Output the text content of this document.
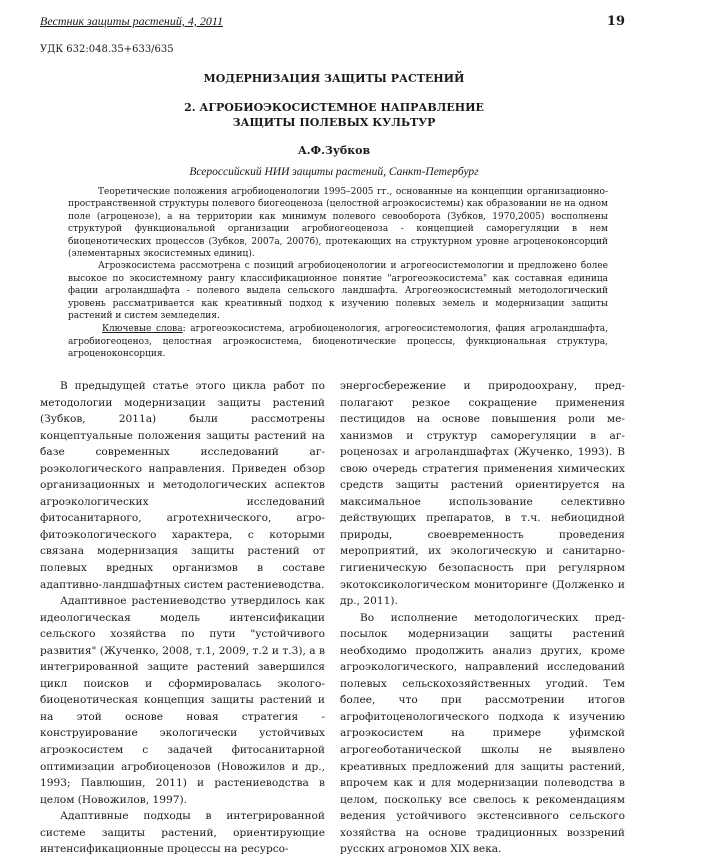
Вестник защиты растений, 4, 2011	19
УДК 632:048.35+633/635
МОДЕРНИЗАЦИЯ ЗАЩИТЫ РАСТЕНИЙ
2. АГРОБИОЭКОСИСТЕМНОЕ НАПРАВЛЕНИЕ
ЗАЩИТЫ ПОЛЕВЫХ КУЛЬТУР
А.Ф.Зубков
Всероссийский НИИ защиты растений, Санкт-Петербург

Теоретические положения агробиоценологии 1995–2005 гг., основанные на концепции организационно-пространственной структуры полевого биогеоценоза (целостной агроэкосистемы) как образовании не на одном поле (агроценозе), а на территории как минимум полевого севооборота (Зубков, 1970,2005) восполнены структурой функциональной организации агробиогеоценоза - концепцией саморегуляции в нем биоценотических процессов (Зубков, 2007а, 2007б), протекающих на структурном уровне агроценоконсорций (элементарных экосистемных единиц).

Агроэкосистема рассмотрена с позиций агробиоценологии и агрогеосистемологии и предложено более высокое по экосистемному рангу классификационное понятие "агрогеоэкосистема" как составная единица фации агроландшафта - полевого выдела сельского ландшафта. Агрогеоэкосистемный методологический уровень рассматривается как креативный подход к изучению полевых земель и модернизации защиты растений и систем земледелия.

Ключевые слова: агрогеоэкосистема, агробиоценология, агрогеосистемология, фация агроландшафта, агробиогеоценоз, целостная агроэкосистема, биоценотические процессы, функциональная структура, агроценоконсорция.

В предыдущей статье этого цикла работ по методологии модернизации защиты растений (Зубков, 2011а) были рассмотрены концептуальные положения защиты растений на базе современных исследований агроэкологического направления. Приведен обзор организационных и методологических аспектов агроэкологических исследований фитосанитарного, агротехнического, агрофитоэкологического характера, с которыми связана модернизация защиты растений от полевых вредных организмов в составе адаптивно-ландшафтных систем растениеводства.

Адаптивное растениеводство утвердилось как идеологическая модель интенсификации сельского хозяйства по пути "устойчивого развития" (Жученко, 2008, т.1, 2009, т.2 и т.3), а в интегрированной защите растений завершился цикл поисков и сформировалась эколого-биоценотическая концепция защиты растений и на этой основе новая стратегия - конструирование экологически устойчивых агроэкосистем с задачей фитосанитарной оптимизации агробиоценозов (Новожилов и др., 1993; Павлюшин, 2011) и растениеводства в целом (Новожилов, 1997).

Адаптивные подходы в интегрированной системе защиты растений, ориентирующие интенсификационные процессы на ресурсо-

энергосбережение и природоохрану, предполагают резкое сокращение применения пестицидов на основе повышения роли механизмов и структур саморегуляции в агроценозах и агроландшафтах (Жученко, 1993). В свою очередь стратегия применения химических средств защиты растений ориентируется на максимальное использование селективно действующих препаратов, в т.ч. небиоцидной природы, своевременность проведения мероприятий, их экологическую и санитарно-гигиеническую безопасность при регулярном экотоксикологическом мониторинге (Долженко и др., 2011).

Во исполнение методологических предпосылок модернизации защиты растений необходимо продолжить анализ других, кроме агроэкологического, направлений исследований полевых сельскохозяйственных угодий. Тем более, что при рассмотрении итогов агрофитоценологического подхода к изучению агроэкосистем на примере уфимской агрогеоботанической школы не выявлено креативных предложений для защиты растений, впрочем как и для модернизации полеводства в целом, поскольку все свелось к рекомендациям ведения устойчивого экстенсивного сельского хозяйства на основе традиционных воззрений русских агрономов XIX века.
